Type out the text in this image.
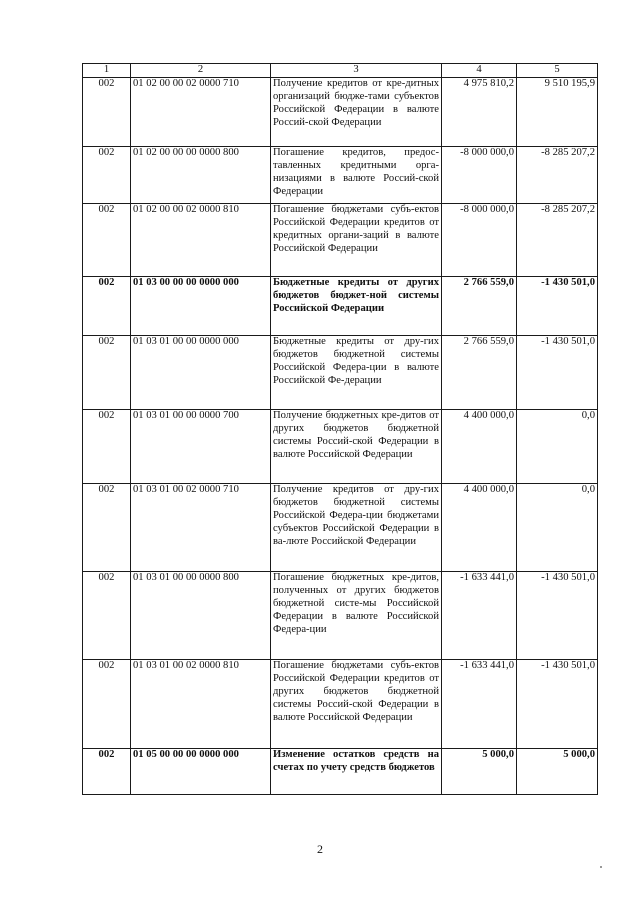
1	2	3	4	5
002	01 02 00 00 02 0000 710	Получение кредитов от кре-дитных организаций бюдже-тами субъектов Российской Федерации в валюте Россий-ской Федерации	4 975 810,2	9 510 195,9
002	01 02 00 00 00 0000 800	Погашение кредитов, предос-тавленных кредитными орга-низациями в валюте Россий-ской Федерации	-8 000 000,0	-8 285 207,2
002	01 02 00 00 02 0000 810	Погашение бюджетами субъ-ектов Российской Федерации кредитов от кредитных органи-заций в валюте Российской Федерации	-8 000 000,0	-8 285 207,2
002	01 03 00 00 00 0000 000	Бюджетные кредиты от других бюджетов бюджет-ной системы Российской Федерации	2 766 559,0	-1 430 501,0
002	01 03 01 00 00 0000 000	Бюджетные кредиты от дру-гих бюджетов бюджетной системы Российской Федера-ции в валюте Российской Фе-дерации	2 766 559,0	-1 430 501,0
002	01 03 01 00 00 0000 700	Получение бюджетных кре-дитов от других бюджетов бюджетной системы Россий-ской Федерации в валюте Российской Федерации	4 400 000,0	0,0
002	01 03 01 00 02 0000 710	Получение кредитов от дру-гих бюджетов бюджетной системы Российской Федера-ции бюджетами субъектов Российской Федерации в ва-люте Российской Федерации	4 400 000,0	0,0
002	01 03 01 00 00 0000 800	Погашение бюджетных кре-дитов, полученных от других бюджетов бюджетной систе-мы Российской Федерации в валюте Российской Федера-ции	-1 633 441,0	-1 430 501,0
002	01 03 01 00 02 0000 810	Погашение бюджетами субъ-ектов Российской Федерации кредитов от других бюджетов бюджетной системы Россий-ской Федерации в валюте Российской Федерации	-1 633 441,0	-1 430 501,0
002	01 05 00 00 00 0000 000	Изменение остатков средств на счетах по учету средств бюджетов	5 000,0	5 000,0
2
